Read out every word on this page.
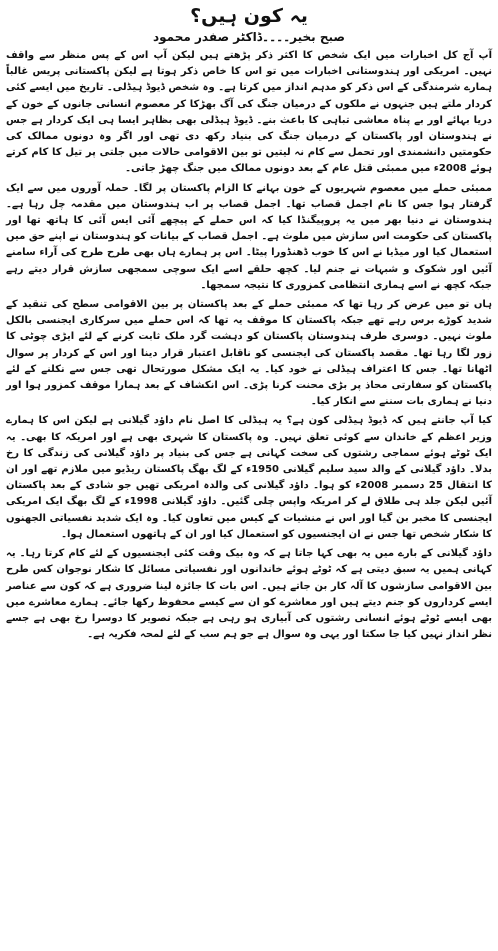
یہ کون ہیں؟
صبح بخیر۔۔۔۔ڈاکٹر صفدر محمود

آپ آج کل اخبارات میں ایک شخص کا اکثر ذکر پڑھتے ہیں لیکن آپ اس کے پس منظر سے واقف نہیں۔ امریکی اور ہندوستانی اخبارات میں تو اس کا خاص ذکر ہوتا ہے لیکن پاکستانی پریس غالباً ہمارے شرمندگی کے اس ذکر کو مدہم انداز میں کرتا ہے۔ وہ شخص ڈیوڈ ہیڈلی۔ تاریخ میں ایسے کئی کردار ملتے ہیں جنہوں نے ملکوں کے درمیان جنگ کی آگ بھڑکا کر معصوم انسانی جانوں کے خون کے دریا بہائے اور بے پناہ معاشی تباہی کا باعث بنے۔ ڈیوڈ ہیڈلی بھی بظاہر ایسا ہی ایک کردار ہے جس نے ہندوستان اور پاکستان کے درمیان جنگ کی بنیاد رکھ دی تھی اور اگر وہ دونوں ممالک کی حکومتیں دانشمندی اور تحمل سے کام نہ لیتیں تو بین الاقوامی حالات میں جلتی پر تیل کا کام کرتے ہوئے 2008ء میں ممبئی قتل عام کے بعد دونوں ممالک میں جنگ چھڑ جاتی۔

ممبئی حملے میں معصوم شہریوں کے خون بہانے کا الزام پاکستان پر لگا۔ حملہ آوروں میں سے ایک گرفتار ہوا جس کا نام اجمل قصاب تھا۔ اجمل قصاب پر اب ہندوستان میں مقدمہ چل رہا ہے۔ ہندوستان نے دنیا بھر میں یہ پروپیگنڈا کیا کہ اس حملے کے پیچھے آئی ایس آئی کا ہاتھ تھا اور پاکستان کی حکومت اس سازش میں ملوث ہے۔ اجمل قصاب کے بیانات کو ہندوستان نے اپنے حق میں استعمال کیا اور میڈیا نے اس کا خوب ڈھنڈورا پیٹا۔ اس پر ہمارے ہاں بھی طرح طرح کی آراء سامنے آئیں اور شکوک و شبہات نے جنم لیا۔ کچھ حلقے اسے ایک سوچی سمجھی سازش قرار دیتے رہے جبکہ کچھ نے اسے ہماری انتظامی کمزوری کا نتیجہ سمجھا۔

ہاں تو میں عرض کر رہا تھا کہ ممبئی حملے کے بعد پاکستان پر بین الاقوامی سطح کی تنقید کے شدید کوڑے برس رہے تھے جبکہ پاکستان کا موقف یہ تھا کہ اس حملے میں سرکاری ایجنسی بالکل ملوث نہیں۔ دوسری طرف ہندوستان پاکستان کو دہشت گرد ملک ثابت کرنے کے لئے ایڑی چوٹی کا زور لگا رہا تھا۔ مقصد پاکستان کی ایجنسی کو ناقابل اعتبار قرار دینا اور اس کے کردار پر سوال اٹھانا تھا۔ جس کا اعتراف ہیڈلی نے خود کیا۔ یہ ایک مشکل صورتحال تھی جس سے نکلنے کے لئے پاکستان کو سفارتی محاذ پر بڑی محنت کرنا پڑی۔ اس انکشاف کے بعد ہمارا موقف کمزور ہوا اور دنیا نے ہماری بات سننے سے انکار کیا۔

کیا آپ جانتے ہیں کہ ڈیوڈ ہیڈلی کون ہے؟ یہ ہیڈلی کا اصل نام داؤد گیلانی ہے لیکن اس کا ہمارے وزیر اعظم کے خاندان سے کوئی تعلق نہیں۔ وہ پاکستان کا شہری بھی ہے اور امریکہ کا بھی۔ یہ ایک ٹوٹے ہوئے سماجی رشتوں کی سخت کہانی ہے جس کی بنیاد پر داؤد گیلانی کی زندگی کا رخ بدلا۔ داؤد گیلانی کے والد سید سلیم گیلانی 1950ء کے لگ بھگ پاکستان ریڈیو میں ملازم تھے اور ان کا انتقال 25 دسمبر 2008ء کو ہوا۔ داؤد گیلانی کی والدہ امریکی تھیں جو شادی کے بعد پاکستان آئیں لیکن جلد ہی طلاق لے کر امریکہ واپس چلی گئیں۔ داؤد گیلانی 1998ء کے لگ بھگ ایک امریکی ایجنسی کا مخبر بن گیا اور اس نے منشیات کے کیس میں تعاون کیا۔ وہ ایک شدید نفسیاتی الجھنوں کا شکار شخص تھا جس نے ان ایجنسیوں کو استعمال کیا اور ان کے ہاتھوں استعمال ہوا۔

داؤد گیلانی کے بارے میں یہ بھی کہا جاتا ہے کہ وہ بیک وقت کئی ایجنسیوں کے لئے کام کرتا رہا۔ یہ کہانی ہمیں یہ سبق دیتی ہے کہ ٹوٹے ہوئے خاندانوں اور نفسیاتی مسائل کا شکار نوجوان کس طرح بین الاقوامی سازشوں کا آلہ کار بن جاتے ہیں۔ اس بات کا جائزہ لینا ضروری ہے کہ کون سے عناصر ایسے کرداروں کو جنم دیتے ہیں اور معاشرے کو ان سے کیسے محفوظ رکھا جائے۔ ہمارے معاشرے میں بھی ایسے ٹوٹے ہوئے انسانی رشتوں کی آبیاری ہو رہی ہے جبکہ تصویر کا دوسرا رخ بھی ہے جسے نظر انداز نہیں کیا جا سکتا اور یہی وہ سوال ہے جو ہم سب کے لئے لمحہ فکریہ ہے۔
